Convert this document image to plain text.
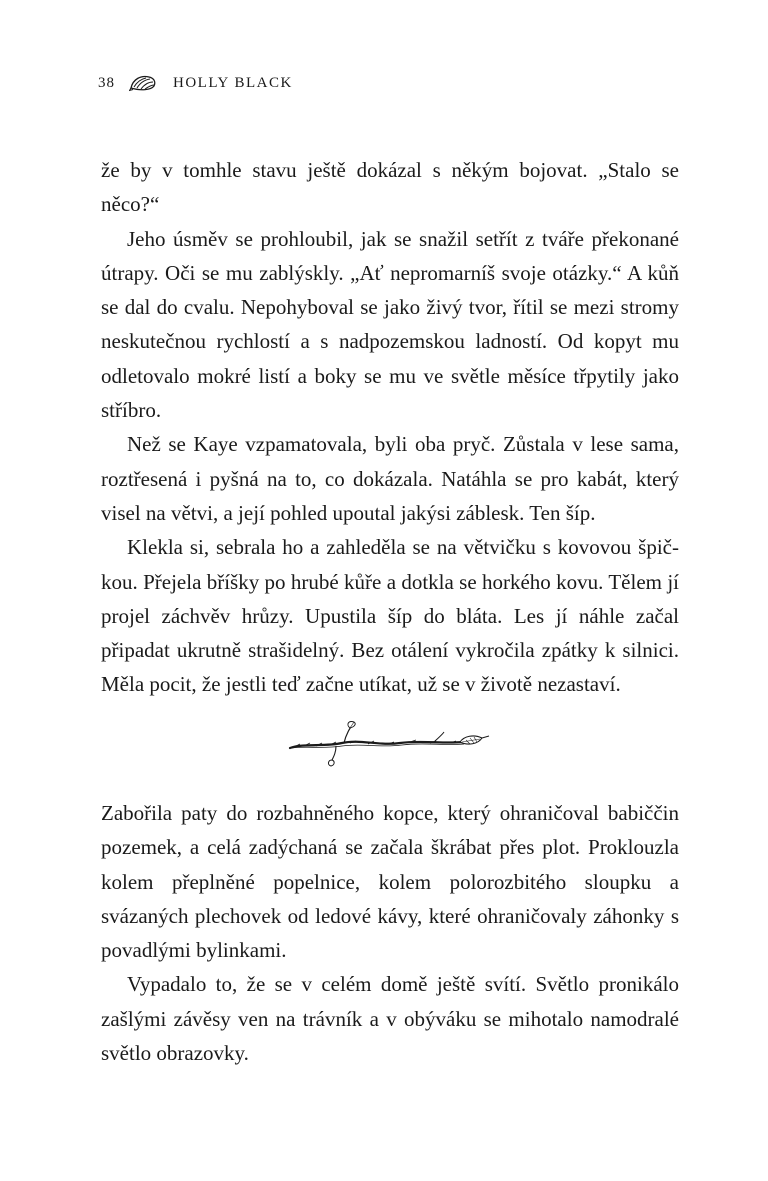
38	HOLLY BLACK

že by v tomhle stavu ještě dokázal s někým bojovat. „Stalo se něco?“

Jeho úsměv se prohloubil, jak se snažil setřít z tváře překonané útrapy. Oči se mu zablýskly. „Ať nepromarníš svoje otázky.“ A kůň se dal do cvalu. Nepohyboval se jako živý tvor, řítil se mezi stromy neskutečnou rychlostí a s nadpozemskou ladností. Od kopyt mu odletovalo mokré listí a boky se mu ve světle měsíce třpytily jako stříbro.

Než se Kaye vzpamatovala, byli oba pryč. Zůstala v lese sama, roztřesená i pyšná na to, co dokázala. Natáhla se pro kabát, který visel na větvi, a její pohled upoutal jakýsi záblesk. Ten šíp.

Klekla si, sebrala ho a zahleděla se na větvičku s kovovou špičkou. Přejela bříšky po hrubé kůře a dotkla se horkého kovu. Tělem jí projel záchvěv hrůzy. Upustila šíp do bláta. Les jí náhle začal připadat ukrutně strašidelný. Bez otálení vykročila zpátky k silnici. Měla pocit, že jestli teď začne utíkat, už se v životě nezastaví.

Zabořila paty do rozbahněného kopce, který ohraničoval babiččin pozemek, a celá zadýchaná se začala škrábat přes plot. Proklouzla kolem přeplněné popelnice, kolem polorozbitého sloupku a svázaných plechovek od ledové kávy, které ohraničovaly záhonky s povadlými bylinkami.

Vypadalo to, že se v celém domě ještě svítí. Světlo pronikálo zašlými závěsy ven na trávník a v obýváku se mihotalo namodralé světlo obrazovky.
